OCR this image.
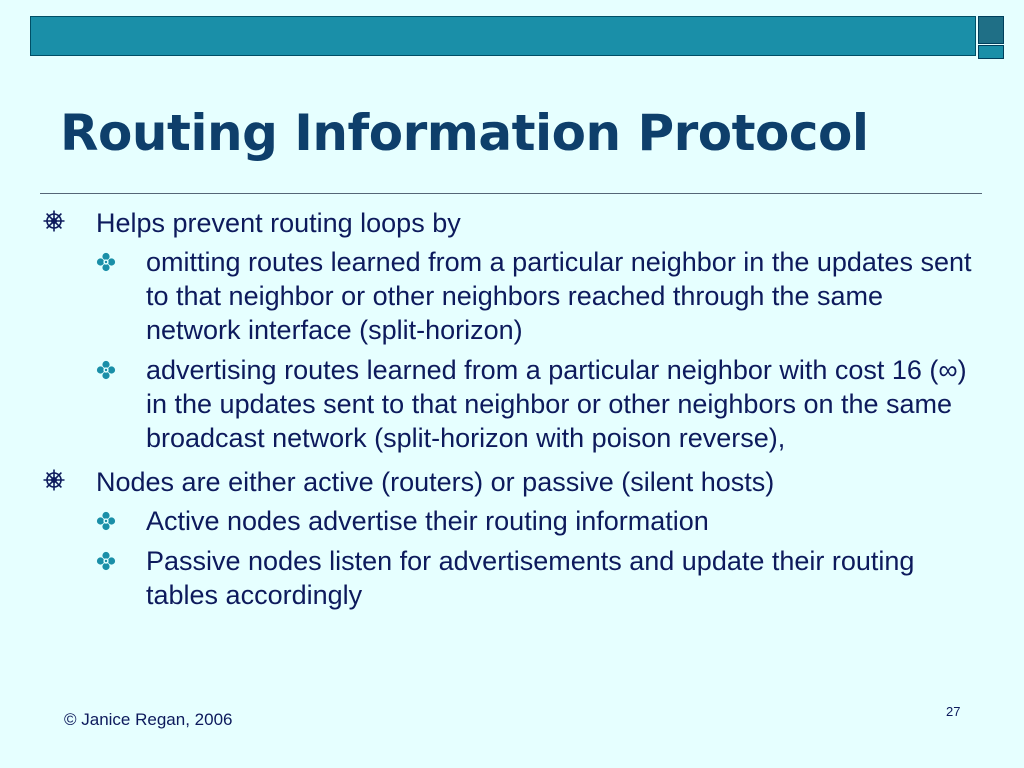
Routing Information Protocol
Helps prevent routing loops by
omitting routes learned from a particular neighbor in the updates sent to that neighbor or other neighbors reached through the same network interface (split-horizon)
advertising routes learned from a particular neighbor with cost 16 (∞) in the updates sent to that neighbor or other neighbors on the same broadcast network (split-horizon with poison reverse),
Nodes are either active (routers) or passive (silent hosts)
Active nodes advertise their routing information
Passive nodes listen for advertisements and update their routing tables accordingly
© Janice Regan, 2006	27
